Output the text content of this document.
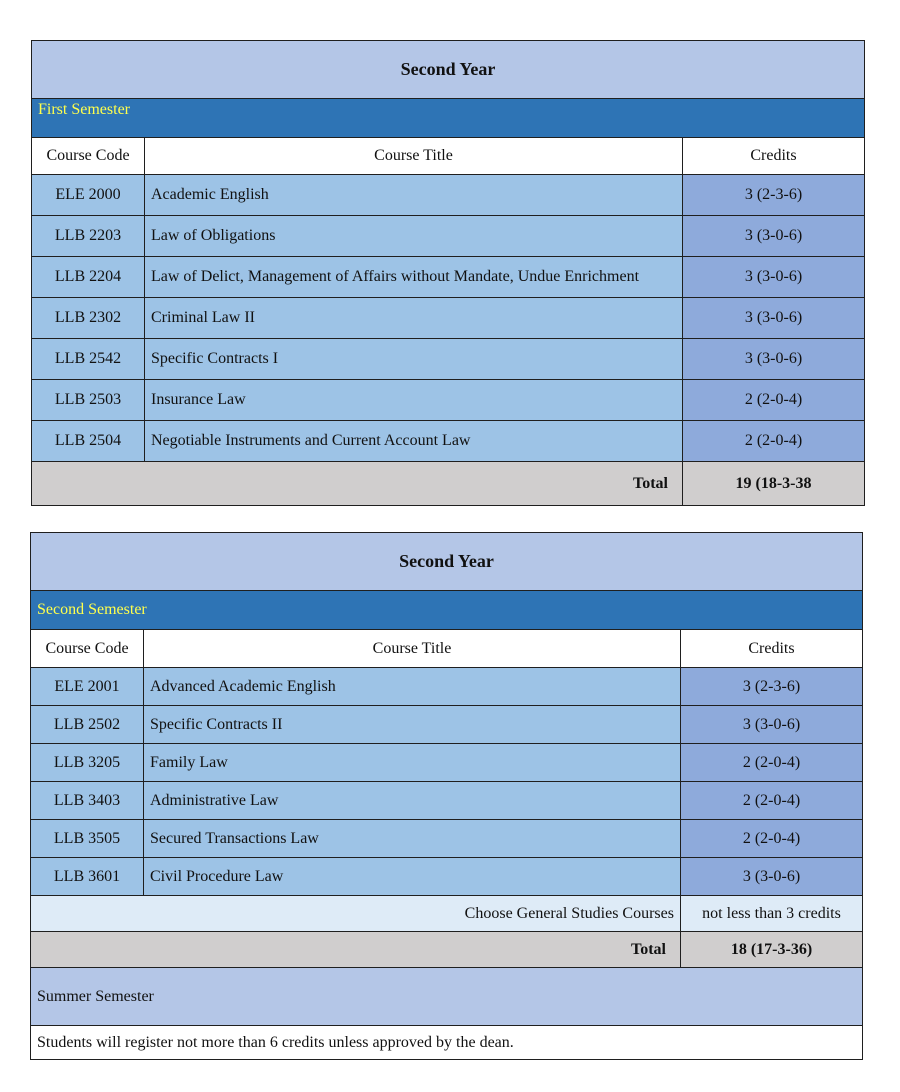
Second Year		
First Semester		
Course Code	Course Title	Credits
ELE 2000	Academic English	3 (2-3-6)
LLB 2203	Law of Obligations	3 (3-0-6)
LLB 2204	Law of Delict, Management of Affairs without Mandate, Undue Enrichment	3 (3-0-6)
LLB 2302	Criminal Law II	3 (3-0-6)
LLB 2542	Specific Contracts I	3 (3-0-6)
LLB 2503	Insurance Law	2 (2-0-4)
LLB 2504	Negotiable Instruments and Current Account Law	2 (2-0-4)
Total		19 (18-3-38
Second Year		
Second Semester		
Course Code	Course Title	Credits
ELE 2001	Advanced Academic English	3 (2-3-6)
LLB 2502	Specific Contracts II	3 (3-0-6)
LLB 3205	Family Law	2 (2-0-4)
LLB 3403	Administrative Law	2 (2-0-4)
LLB 3505	Secured Transactions Law	2 (2-0-4)
LLB 3601	Civil Procedure Law	3 (3-0-6)
Choose General Studies Courses		not less than 3 credits
Total		18 (17-3-36)
Summer Semester		
Students will register not more than 6 credits unless approved by the dean.		
